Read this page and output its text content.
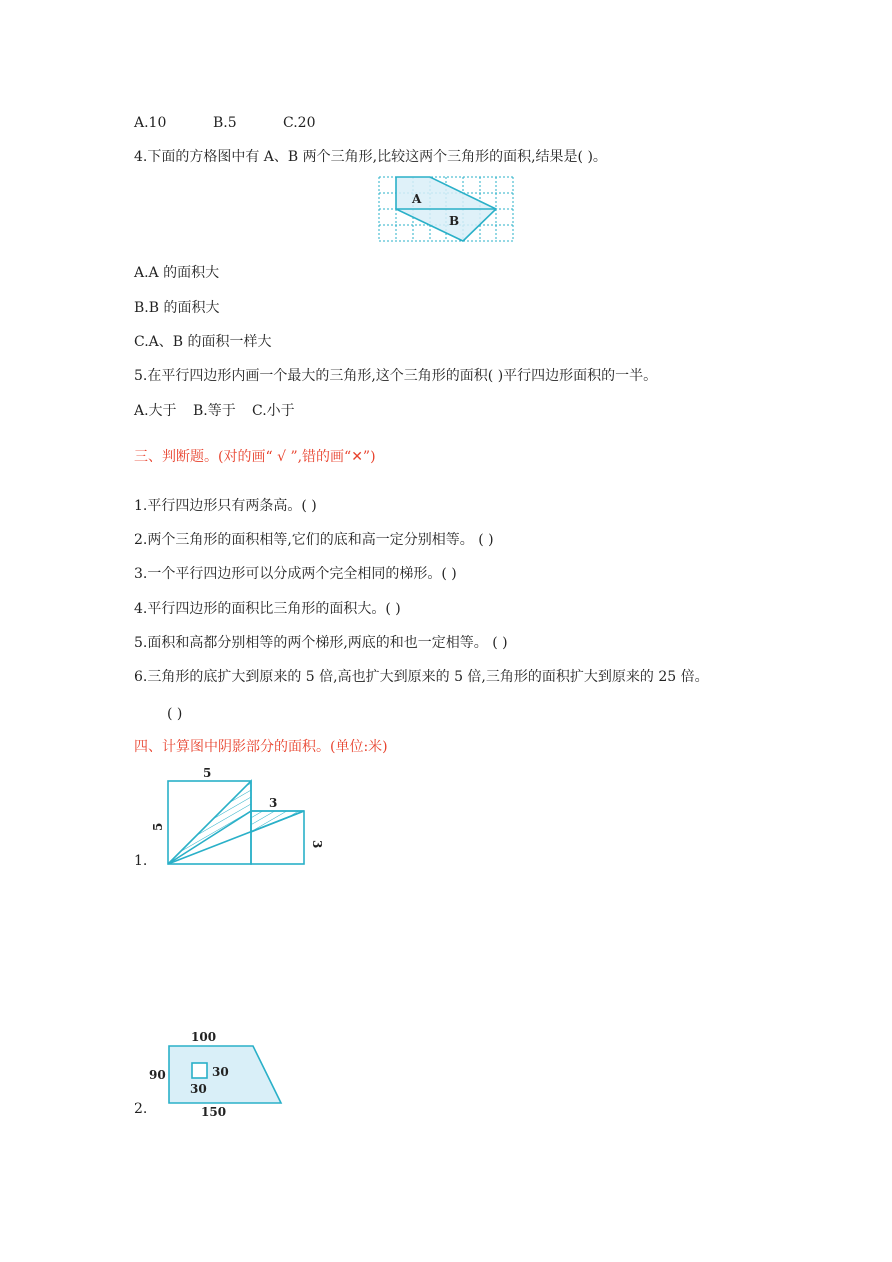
A.10	B.5	C.20
4.下面的方格图中有 A、B 两个三角形,比较这两个三角形的面积,结果是( )。
A
B
A.A 的面积大
B.B 的面积大
C.A、B 的面积一样大
5.在平行四边形内画一个最大的三角形,这个三角形的面积( )平行四边形面积的一半。
A.大于 B.等于 C.小于
三、判断题。(对的画“ √ ”,错的画“✕”)
1.平行四边形只有两条高。( )
2.两个三角形的面积相等,它们的底和高一定分别相等。 ( )
3.一个平行四边形可以分成两个完全相同的梯形。( )
4.平行四边形的面积比三角形的面积大。( )
5.面积和高都分别相等的两个梯形,两底的和也一定相等。 ( )
6.三角形的底扩大到原来的 5 倍,高也扩大到原来的 5 倍,三角形的面积扩大到原来的 25 倍。
( )
四、计算图中阴影部分的面积。(单位:米)
1.
5
5
3
3
2.
100
90
150
30
30
